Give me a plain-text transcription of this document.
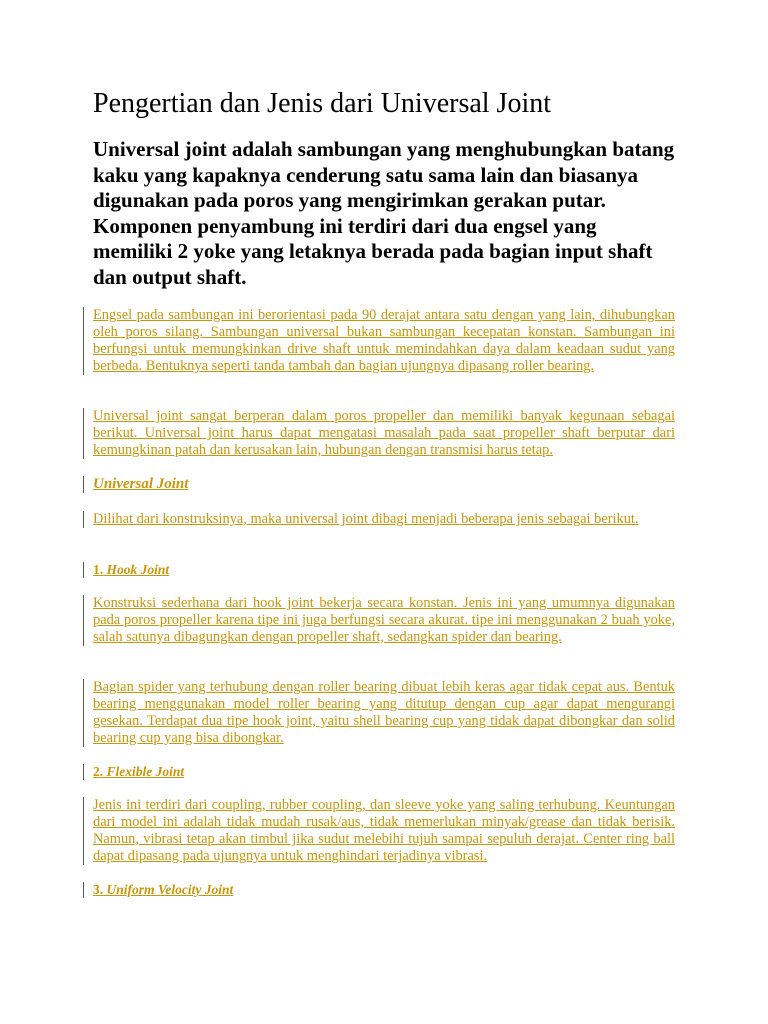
Pengertian dan Jenis dari Universal Joint

Universal joint adalah sambungan yang menghubungkan batang kaku yang kapaknya cenderung satu sama lain dan biasanya digunakan pada poros yang mengirimkan gerakan putar. Komponen penyambung ini terdiri dari dua engsel yang memiliki 2 yoke yang letaknya berada pada bagian input shaft dan output shaft.

Engsel pada sambungan ini berorientasi pada 90 derajat antara satu dengan yang lain, dihubungkan oleh poros silang. Sambungan universal bukan sambungan kecepatan konstan. Sambungan ini berfungsi untuk memungkinkan drive shaft untuk memindahkan daya dalam keadaan sudut yang berbeda. Bentuknya seperti tanda tambah dan bagian ujungnya dipasang roller bearing.

Universal joint sangat berperan dalam poros propeller dan memiliki banyak kegunaan sebagai berikut. Universal joint harus dapat mengatasi masalah pada saat propeller shaft berputar dari kemungkinan patah dan kerusakan lain, hubungan dengan transmisi harus tetap.

Universal Joint

Dilihat dari konstruksinya, maka universal joint dibagi menjadi beberapa jenis sebagai berikut.

1. Hook Joint

Konstruksi sederhana dari hook joint bekerja secara konstan. Jenis ini yang umumnya digunakan pada poros propeller karena tipe ini juga berfungsi secara akurat. tipe ini menggunakan 2 buah yoke, salah satunya dibagungkan dengan propeller shaft, sedangkan spider dan bearing.

Bagian spider yang terhubung dengan roller bearing dibuat lebih keras agar tidak cepat aus. Bentuk bearing menggunakan model roller bearing yang ditutup dengan cup agar dapat mengurangi gesekan. Terdapat dua tipe hook joint, yaitu shell bearing cup yang tidak dapat dibongkar dan solid bearing cup yang bisa dibongkar.

2. Flexible Joint

Jenis ini terdiri dari coupling, rubber coupling, dan sleeve yoke yang saling terhubung. Keuntungan dari model ini adalah tidak mudah rusak/aus, tidak memerlukan minyak/grease dan tidak berisik. Namun, vibrasi tetap akan timbul jika sudut melebihi tujuh sampai sepuluh derajat. Center ring ball dapat dipasang pada ujungnya untuk menghindari terjadinya vibrasi.

3. Uniform Velocity Joint
